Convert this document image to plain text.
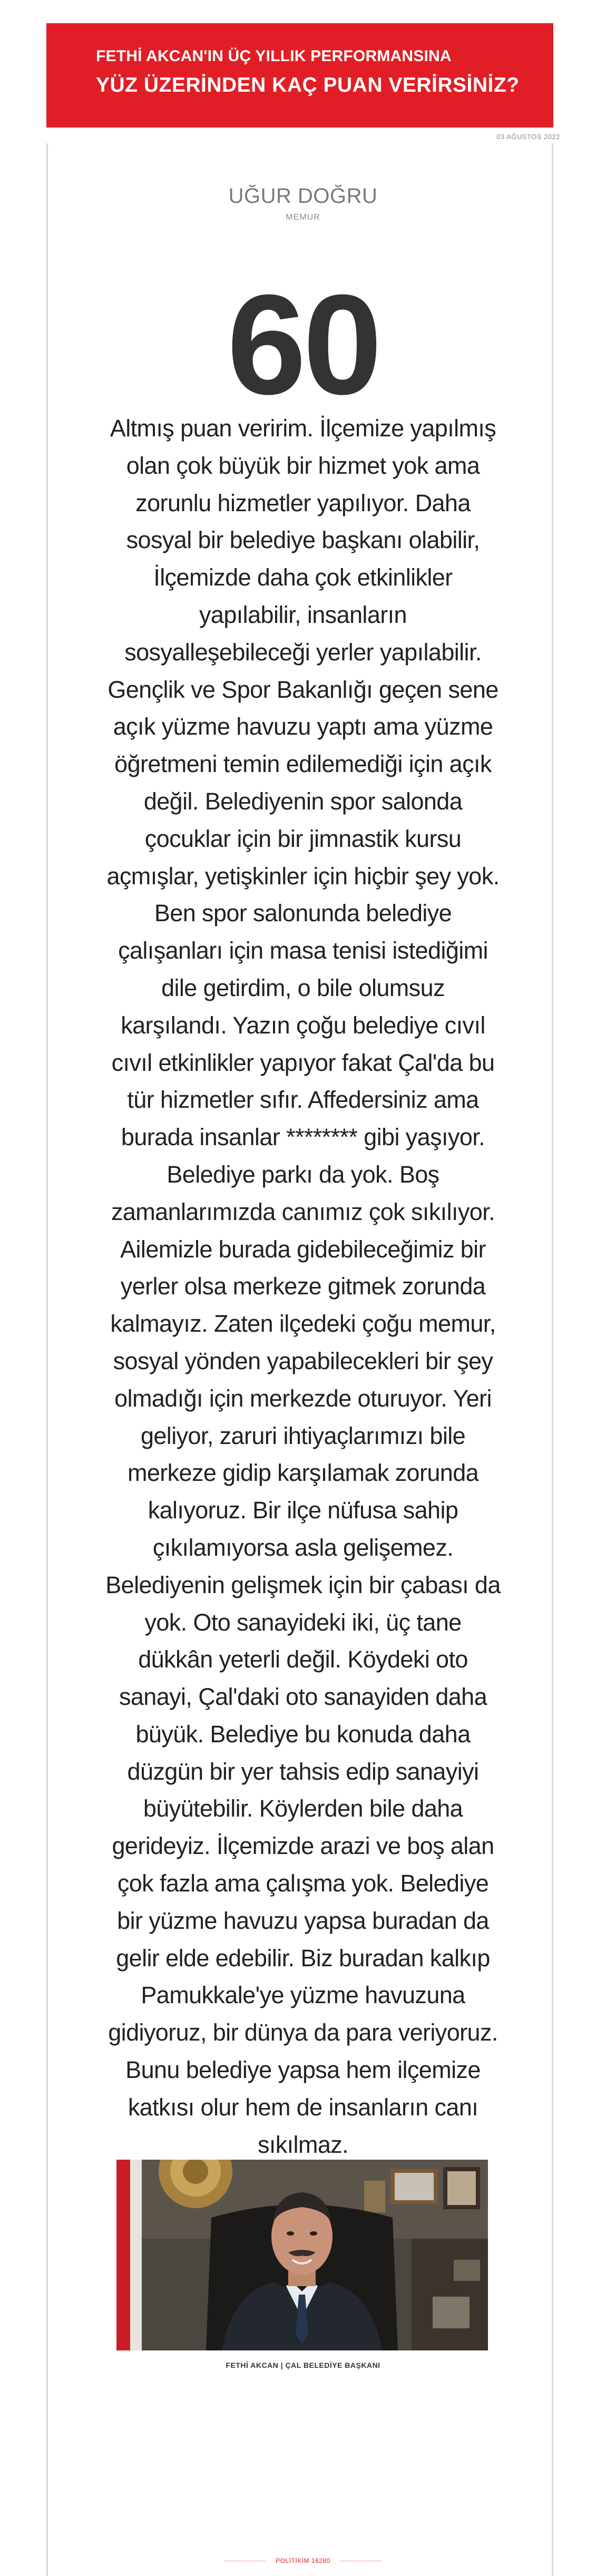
FETHİ AKCAN'IN ÜÇ YILLIK PERFORMANSINA
YÜZ ÜZERİNDEN KAÇ PUAN VERİRSİNİZ?
03 AĞUSTOS 2022
UĞUR DOĞRU
MEMUR
60
Altmış puan veririm. İlçemize yapılmış olan çok büyük bir hizmet yok ama zorunlu hizmetler yapılıyor. Daha sosyal bir belediye başkanı olabilir, İlçemizde daha çok etkinlikler yapılabilir, insanların sosyalleşebileceği yerler yapılabilir. Gençlik ve Spor Bakanlığı geçen sene açık yüzme havuzu yaptı ama yüzme öğretmeni temin edilemediği için açık değil. Belediyenin spor salonda çocuklar için bir jimnastik kursu açmışlar, yetişkinler için hiçbir şey yok. Ben spor salonunda belediye çalışanları için masa tenisi istediğimi dile getirdim, o bile olumsuz karşılandı. Yazın çoğu belediye cıvıl cıvıl etkinlikler yapıyor fakat Çal'da bu tür hizmetler sıfır. Affedersiniz ama burada insanlar ******** gibi yaşıyor. Belediye parkı da yok. Boş zamanlarımızda canımız çok sıkılıyor. Ailemizle burada gidebileceğimiz bir yerler olsa merkeze gitmek zorunda kalmayız. Zaten ilçedeki çoğu memur, sosyal yönden yapabilecekleri bir şey olmadığı için merkezde oturuyor. Yeri geliyor, zaruri ihtiyaçlarımızı bile merkeze gidip karşılamak zorunda kalıyoruz. Bir ilçe nüfusa sahip çıkılamıyorsa asla gelişemez. Belediyenin gelişmek için bir çabası da yok. Oto sanayideki iki, üç tane dükkân yeterli değil. Köydeki oto sanayi, Çal'daki oto sanayiden daha büyük. Belediye bu konuda daha düzgün bir yer tahsis edip sanayiyi büyütebilir. Köylerden bile daha gerideyiz. İlçemizde arazi ve boş alan çok fazla ama çalışma yok. Belediye bir yüzme havuzu yapsa buradan da gelir elde edebilir. Biz buradan kalkıp Pamukkale'ye yüzme havuzuna gidiyoruz, bir dünya da para veriyoruz. Bunu belediye yapsa hem ilçemize katkısı olur hem de insanların canı sıkılmaz.
FETHİ AKCAN | ÇAL BELEDİYE BAŞKANI
POLİTİKİM 16280
